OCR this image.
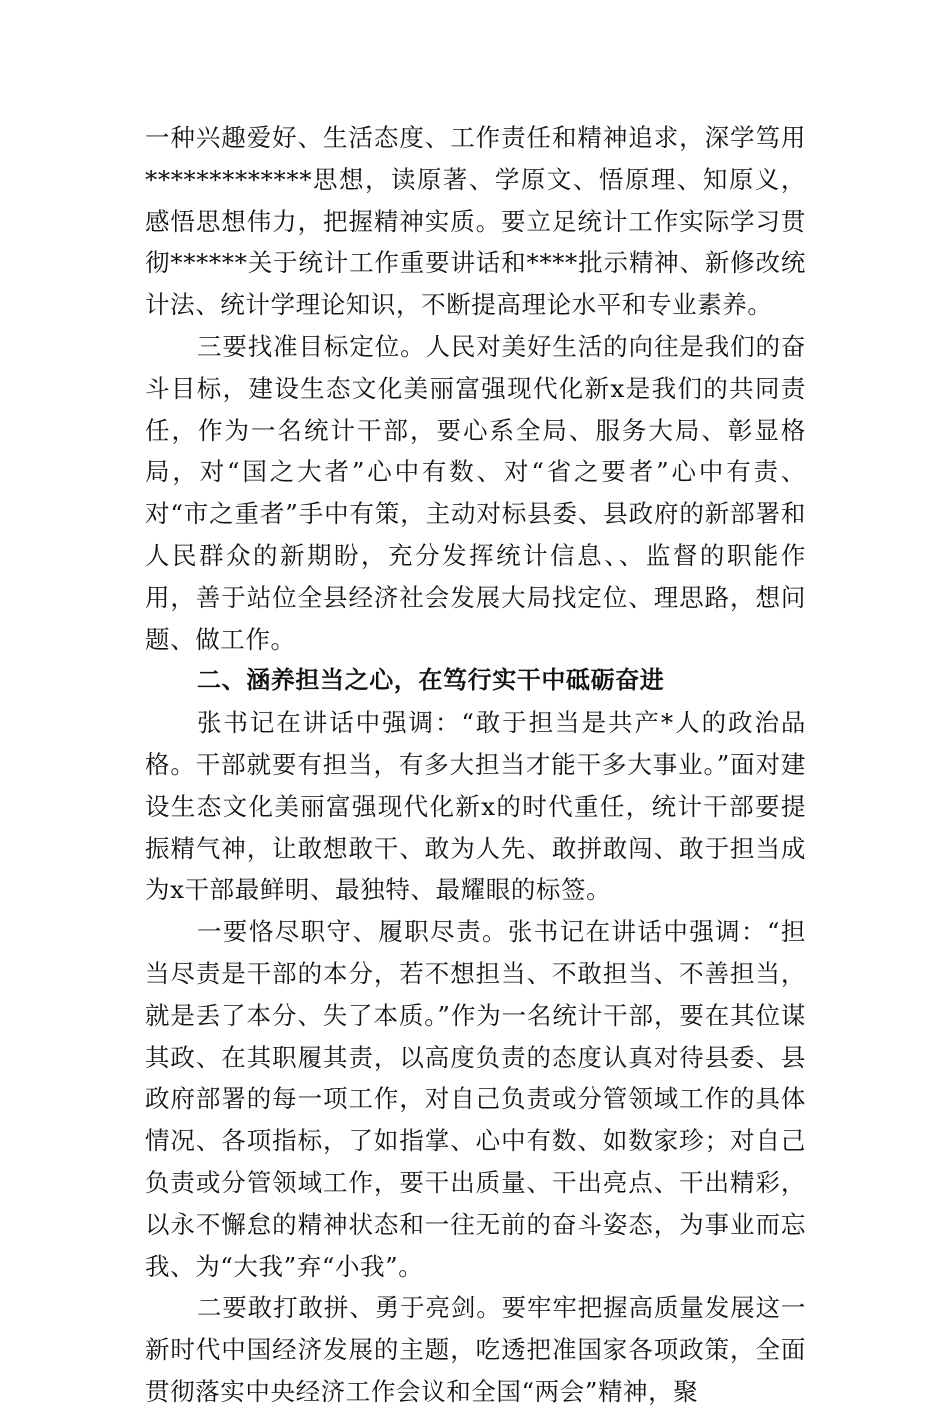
一种兴趣爱好、生活态度、工作责任和精神追求，深学笃用*************思想，读原著、学原文、悟原理、知原义，感悟思想伟力，把握精神实质。要立足统计工作实际学习贯彻******关于统计工作重要讲话和****批示精神、新修改统计法、统计学理论知识，不断提高理论水平和专业素养。

三要找准目标定位。人民对美好生活的向往是我们的奋斗目标，建设生态文化美丽富强现代化新x是我们的共同责任，作为一名统计干部，要心系全局、服务大局、彰显格局，对“国之大者”心中有数、对“省之要者”心中有责、对“市之重者”手中有策，主动对标县委、县政府的新部署和人民群众的新期盼，充分发挥统计信息、、监督的职能作用，善于站位全县经济社会发展大局找定位、理思路，想问题、做工作。

二、涵养担当之心，在笃行实干中砥砺奋进

张书记在讲话中强调：“敢于担当是共产*人的政治品格。干部就要有担当，有多大担当才能干多大事业。”面对建设生态文化美丽富强现代化新x的时代重任，统计干部要提振精气神，让敢想敢干、敢为人先、敢拼敢闯、敢于担当成为x干部最鲜明、最独特、最耀眼的标签。

一要恪尽职守、履职尽责。张书记在讲话中强调：“担当尽责是干部的本分，若不想担当、不敢担当、不善担当，就是丢了本分、失了本质。”作为一名统计干部，要在其位谋其政、在其职履其责，以高度负责的态度认真对待县委、县政府部署的每一项工作，对自己负责或分管领域工作的具体情况、各项指标，了如指掌、心中有数、如数家珍；对自己负责或分管领域工作，要干出质量、干出亮点、干出精彩，以永不懈怠的精神状态和一往无前的奋斗姿态，为事业而忘我、为“大我”弃“小我”。

二要敢打敢拼、勇于亮剑。要牢牢把握高质量发展这一新时代中国经济发展的主题，吃透把准国家各项政策，全面贯彻落实中央经济工作会议和全国“两会”精神，聚
